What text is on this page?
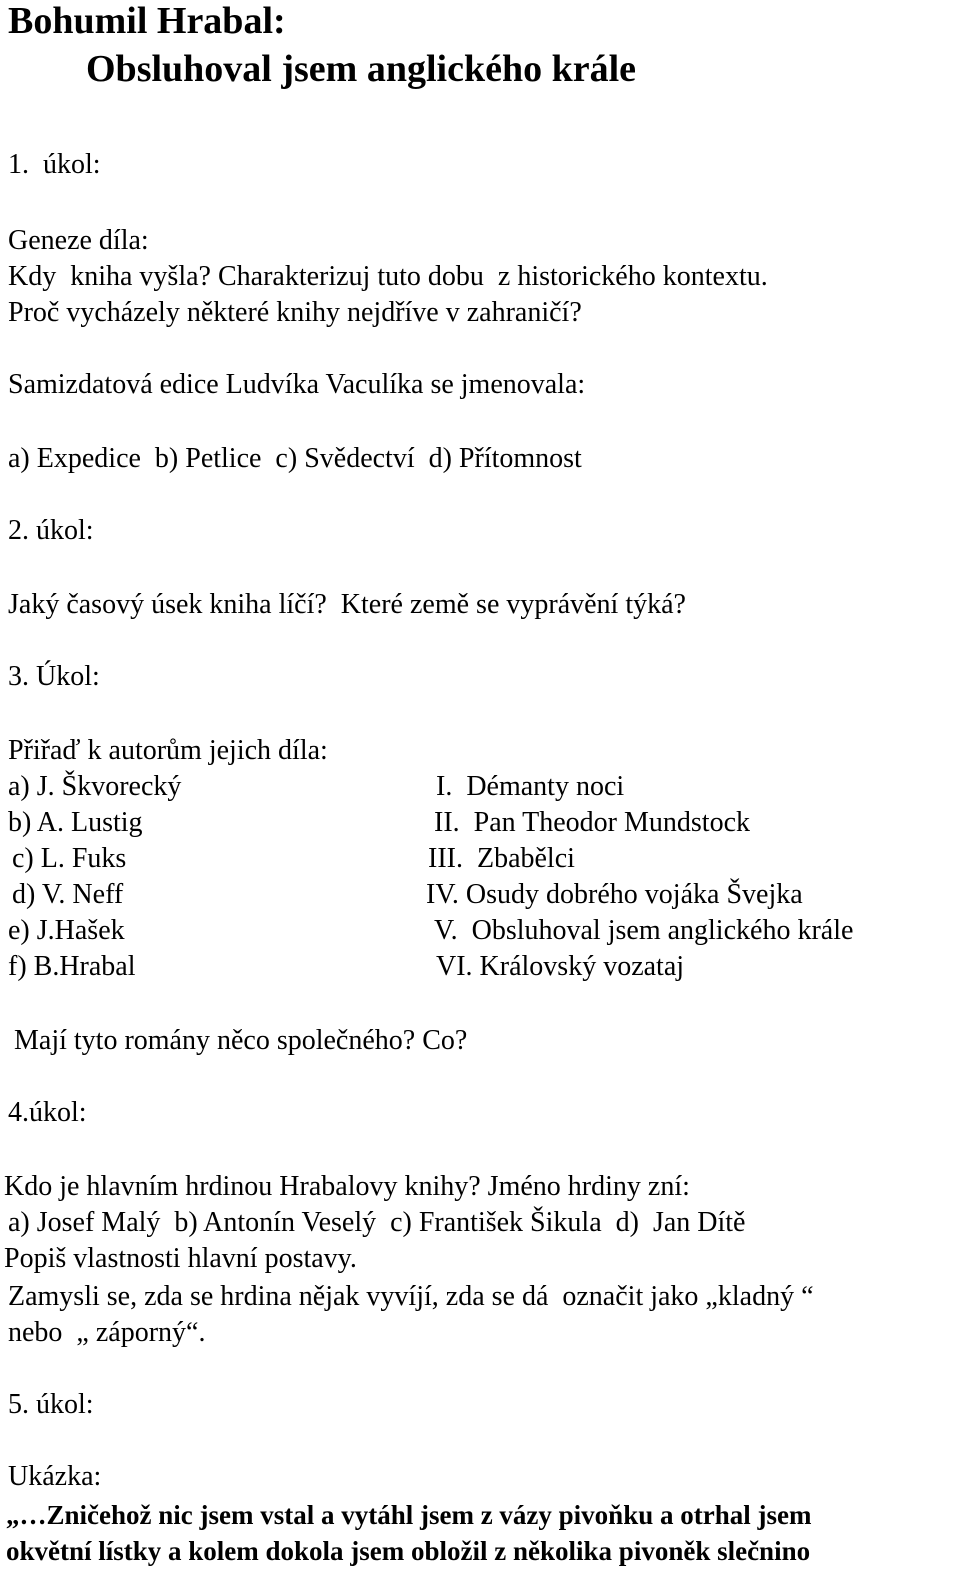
Bohumil Hrabal:
Obsluhoval jsem anglického krále
1.  úkol:
Geneze díla:
Kdy  kniha vyšla? Charakterizuj tuto dobu  z historického kontextu.
Proč vycházely některé knihy nejdříve v zahraničí?
Samizdatová edice Ludvíka Vaculíka se jmenovala:
a) Expedice  b) Petlice  c) Svědectví  d) Přítomnost
2. úkol:
Jaký časový úsek kniha líčí?  Které země se vyprávění týká?
3. Úkol:
Přiřaď k autorům jejich díla:
a) J. Škvorecký
b) A. Lustig
c) L. Fuks
d) V. Neff
e) J.Hašek
f) B.Hrabal
I.  Démanty noci
II.  Pan Theodor Mundstock
III.  Zbabělci
IV. Osudy dobrého vojáka Švejka
V.  Obsluhoval jsem anglického krále
VI. Královský vozataj
Mají tyto romány něco společného? Co?
4.úkol:
Kdo je hlavním hrdinou Hrabalovy knihy? Jméno hrdiny zní:
a) Josef Malý  b) Antonín Veselý  c) František Šikula  d)  Jan Dítě
Popiš vlastnosti hlavní postavy.
Zamysli se, zda se hrdina nějak vyvíjí, zda se dá  označit jako „kladný “
nebo  „ záporný“.
5. úkol:
Ukázka:
„…Zničehož nic jsem vstal a vytáhl jsem z vázy pivoňku a otrhal jsem
okvětní lístky a kolem dokola jsem obložil z několika pivoněk slečnino
